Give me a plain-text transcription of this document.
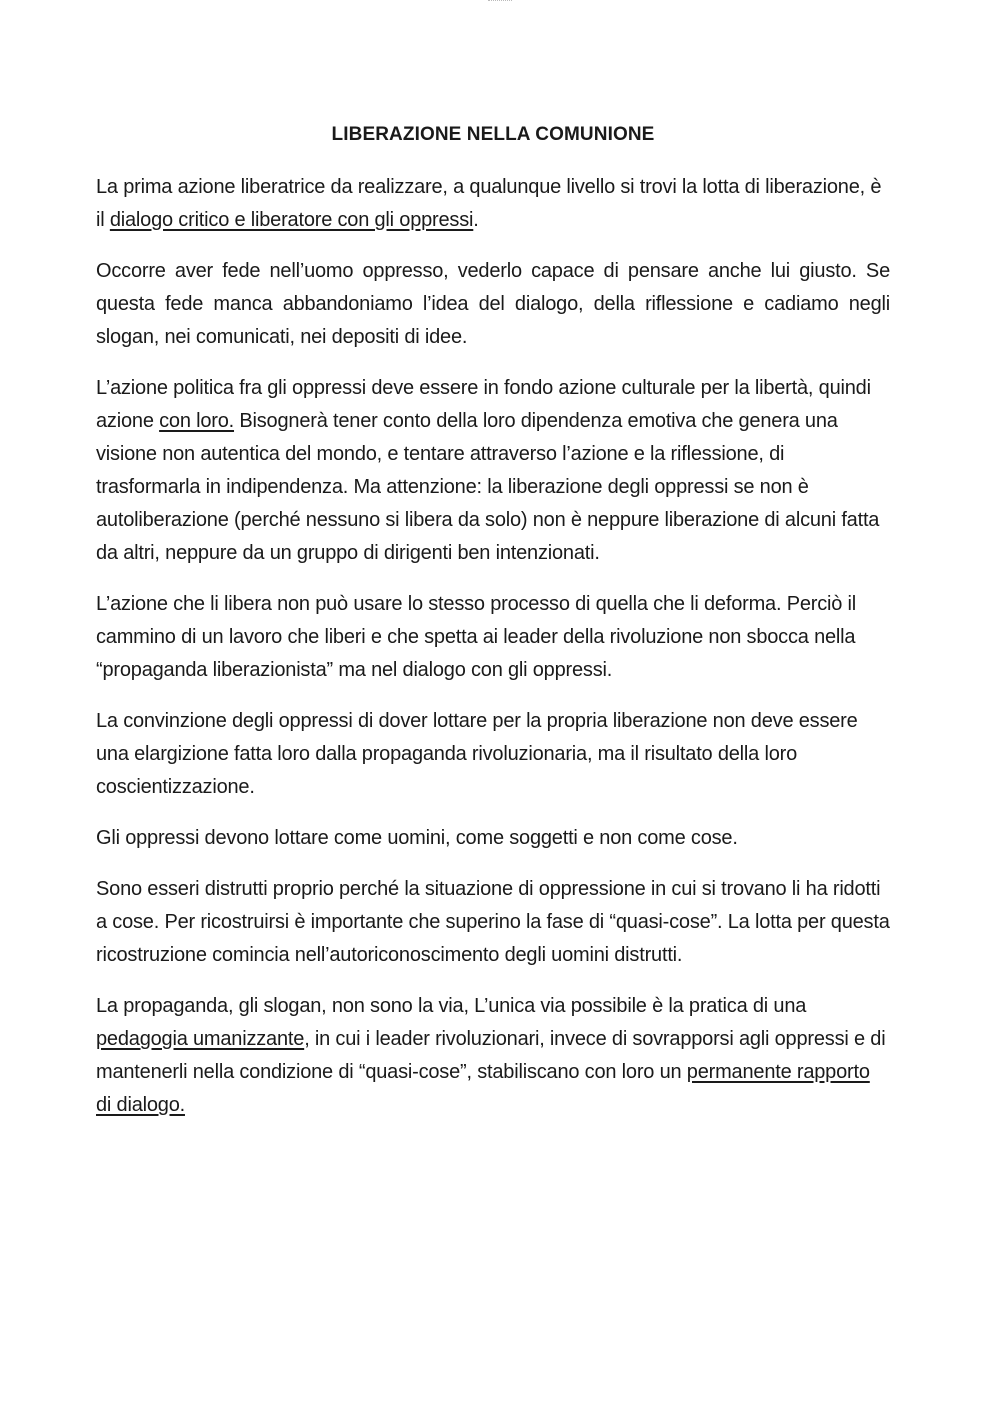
LIBERAZIONE NELLA COMUNIONE

La prima azione liberatrice da realizzare, a qualunque livello si trovi la lotta di liberazione, è il dialogo critico e liberatore con gli oppressi.

Occorre aver fede nell’uomo oppresso, vederlo capace di pensare anche lui giusto. Se questa fede manca abbandoniamo l’idea del dialogo, della riflessione e cadiamo negli slogan, nei comunicati, nei depositi di idee.

L’azione politica fra gli oppressi deve essere in fondo azione culturale per la libertà, quindi azione con loro. Bisognerà tener conto della loro dipendenza emotiva che genera una visione non autentica del mondo, e tentare attraverso l’azione e la riflessione, di trasformarla in indipendenza. Ma attenzione: la liberazione degli oppressi se non è autoliberazione (perché nessuno si libera da solo) non è neppure liberazione di alcuni fatta da altri, neppure da un gruppo di dirigenti ben intenzionati.

L’azione che li libera non può usare lo stesso processo di quella che li deforma. Perciò il cammino di un lavoro che liberi e che spetta ai leader della rivoluzione non sbocca nella “propaganda liberazionista” ma nel dialogo con gli oppressi.

La convinzione degli oppressi di dover lottare per la propria liberazione non deve essere una elargizione fatta loro dalla propaganda rivoluzionaria, ma il risultato della loro coscientizzazione.

Gli oppressi devono lottare come uomini, come soggetti e non come cose.

Sono esseri distrutti proprio perché la situazione di oppressione in cui si trovano li ha ridotti a cose. Per ricostruirsi è importante che superino la fase di “quasi-cose”. La lotta per questa ricostruzione comincia nell’autoriconoscimento degli uomini distrutti.

La propaganda, gli slogan, non sono la via, L’unica via possibile è la pratica di una pedagogia umanizzante, in cui i leader rivoluzionari, invece di sovrapporsi agli oppressi e di mantenerli nella condizione di “quasi-cose”, stabiliscano con loro un permanente rapporto di dialogo.
